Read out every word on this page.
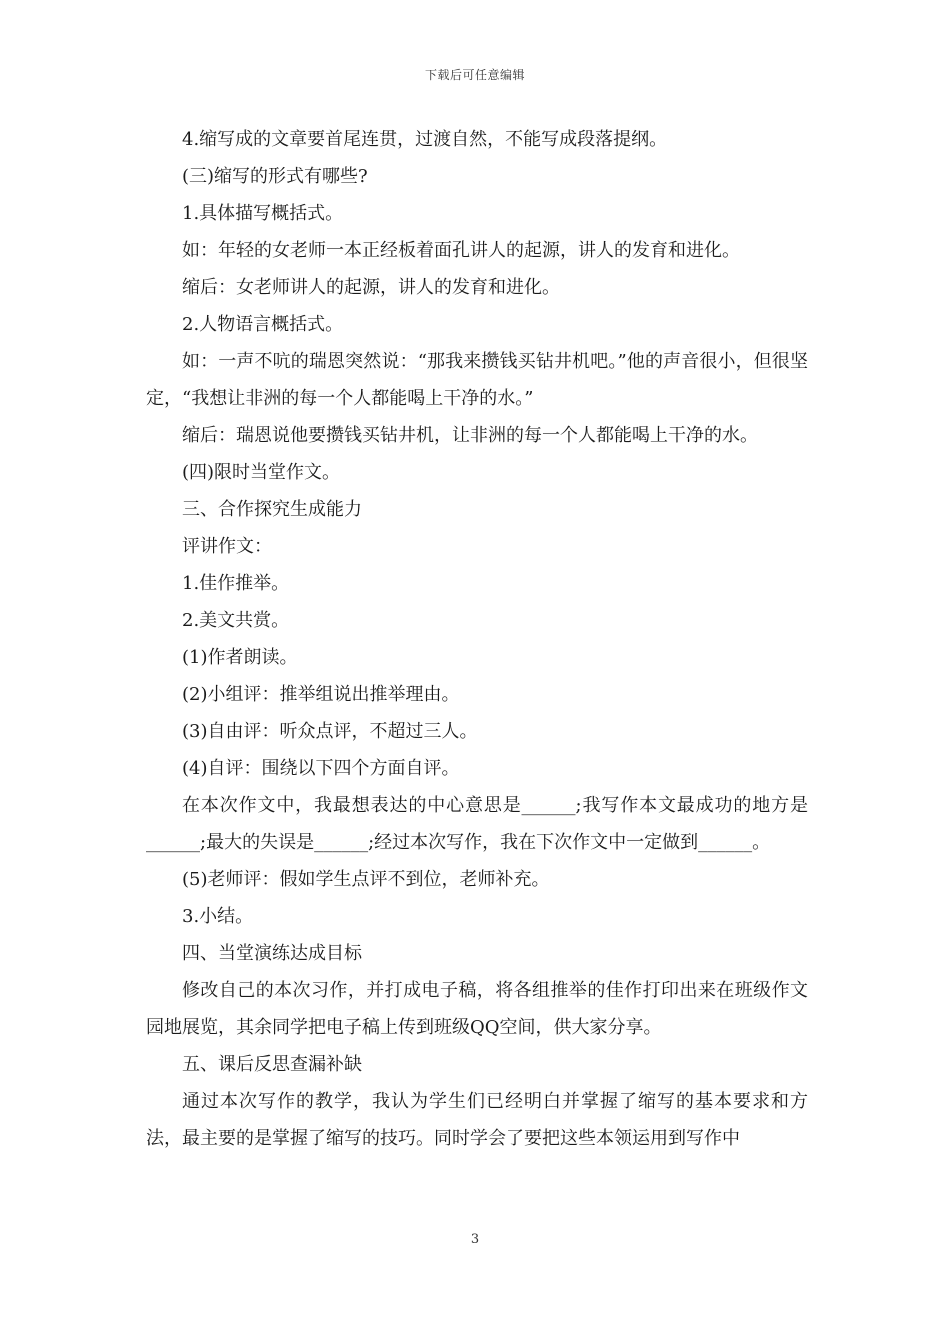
下载后可任意编辑

4.缩写成的文章要首尾连贯，过渡自然，不能写成段落提纲。

(三)缩写的形式有哪些?

1.具体描写概括式。

如：年轻的女老师一本正经板着面孔讲人的起源，讲人的发育和进化。

缩后：女老师讲人的起源，讲人的发育和进化。

2.人物语言概括式。

如：一声不吭的瑞恩突然说：“那我来攒钱买钻井机吧。”他的声音很小，但很坚定，“我想让非洲的每一个人都能喝上干净的水。”

缩后：瑞恩说他要攒钱买钻井机，让非洲的每一个人都能喝上干净的水。

(四)限时当堂作文。

三、合作探究生成能力

评讲作文：

1.佳作推举。

2.美文共赏。

(1)作者朗读。

(2)小组评：推举组说出推举理由。

(3)自由评：听众点评，不超过三人。

(4)自评：围绕以下四个方面自评。

在本次作文中，我最想表达的中心意思是______;我写作本文最成功的地方是______;最大的失误是______;经过本次写作，我在下次作文中一定做到______。

(5)老师评：假如学生点评不到位，老师补充。

3.小结。

四、当堂演练达成目标

修改自己的本次习作，并打成电子稿，将各组推举的佳作打印出来在班级作文园地展览，其余同学把电子稿上传到班级QQ空间，供大家分享。

五、课后反思查漏补缺

通过本次写作的教学，我认为学生们已经明白并掌握了缩写的基本要求和方法，最主要的是掌握了缩写的技巧。同时学会了要把这些本领运用到写作中

3
